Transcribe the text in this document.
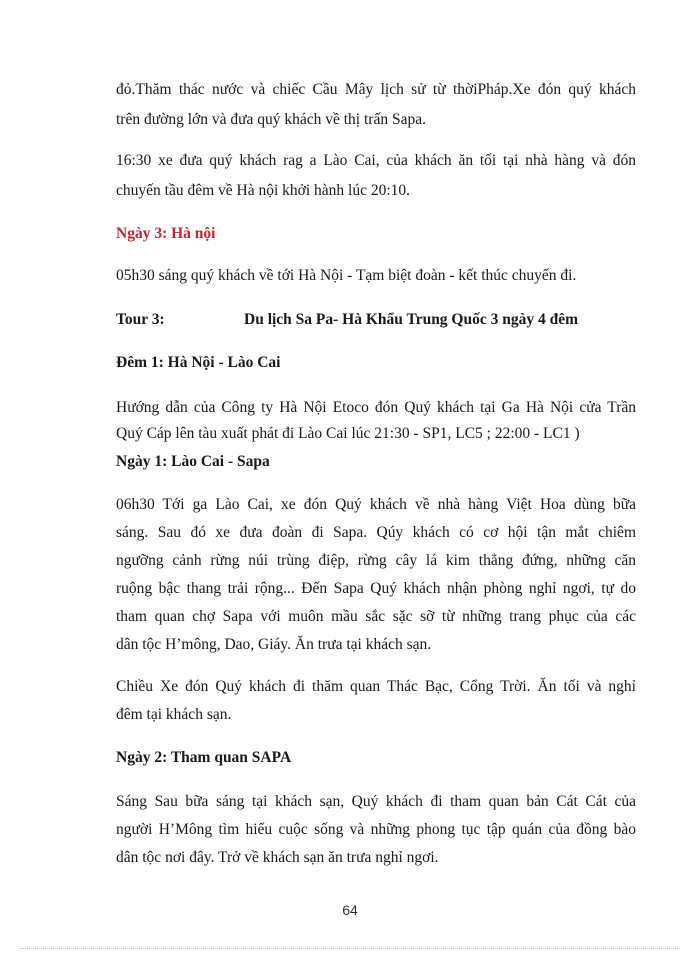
đỏ.Thăm thác nước và chiếc Cầu Mây lịch sử từ thờiPháp.Xe đón quý khách
trên đường lớn và đưa quý khách về thị trấn Sapa.
16:30 xe đưa quý khách rag a Lào Cai, của khách ăn tối tại nhà hàng và đón
chuyến tầu đêm về Hà nội khởi hành lúc 20:10.
Ngày 3: Hà nội
05h30 sáng quý khách về tới Hà Nội - Tạm biệt đoàn - kết thúc chuyến đi.
Tour 3:	Du lịch Sa Pa- Hà Khẩu Trung Quốc 3 ngày 4 đêm
Đêm 1: Hà Nội - Lào Cai
Hướng dẫn của Công ty Hà Nội Etoco đón Quý khách tại Ga Hà Nội cửa Trần
Quý Cáp lên tàu xuất phát đi Lào Cai lúc 21:30 - SP1, LC5 ; 22:00 - LC1 )
Ngày 1: Lào Cai - Sapa
06h30 Tới ga Lào Cai, xe đón Quý khách về nhà hàng Việt Hoa dùng bữa
sáng. Sau đó xe đưa đoàn đi Sapa. Qúy khách có cơ hội tận mắt chiêm
ngưỡng cảnh rừng núi trùng điệp, rừng cây lá kim thẳng đứng, những căn
ruộng bậc thang trải rộng... Đến Sapa Quý khách nhận phòng nghỉ ngơi, tự do
tham quan chợ Sapa với muôn mầu sắc sặc sỡ từ những trang phục của các
dân tộc H’mông, Dao, Giáy. Ăn trưa tại khách sạn.
Chiều Xe đón Quý khách đi thăm quan Thác Bạc, Cổng Trời. Ăn tối và nghỉ
đêm tại khách sạn.
Ngày 2: Tham quan SAPA
Sáng Sau bữa sáng tại khách sạn, Quý khách đi tham quan bản Cát Cát của
người H’Mông tìm hiểu cuộc sống và những phong tục tập quán của đồng bào
dân tộc nơi đây. Trở về khách sạn ăn trưa nghỉ ngơi.
64
